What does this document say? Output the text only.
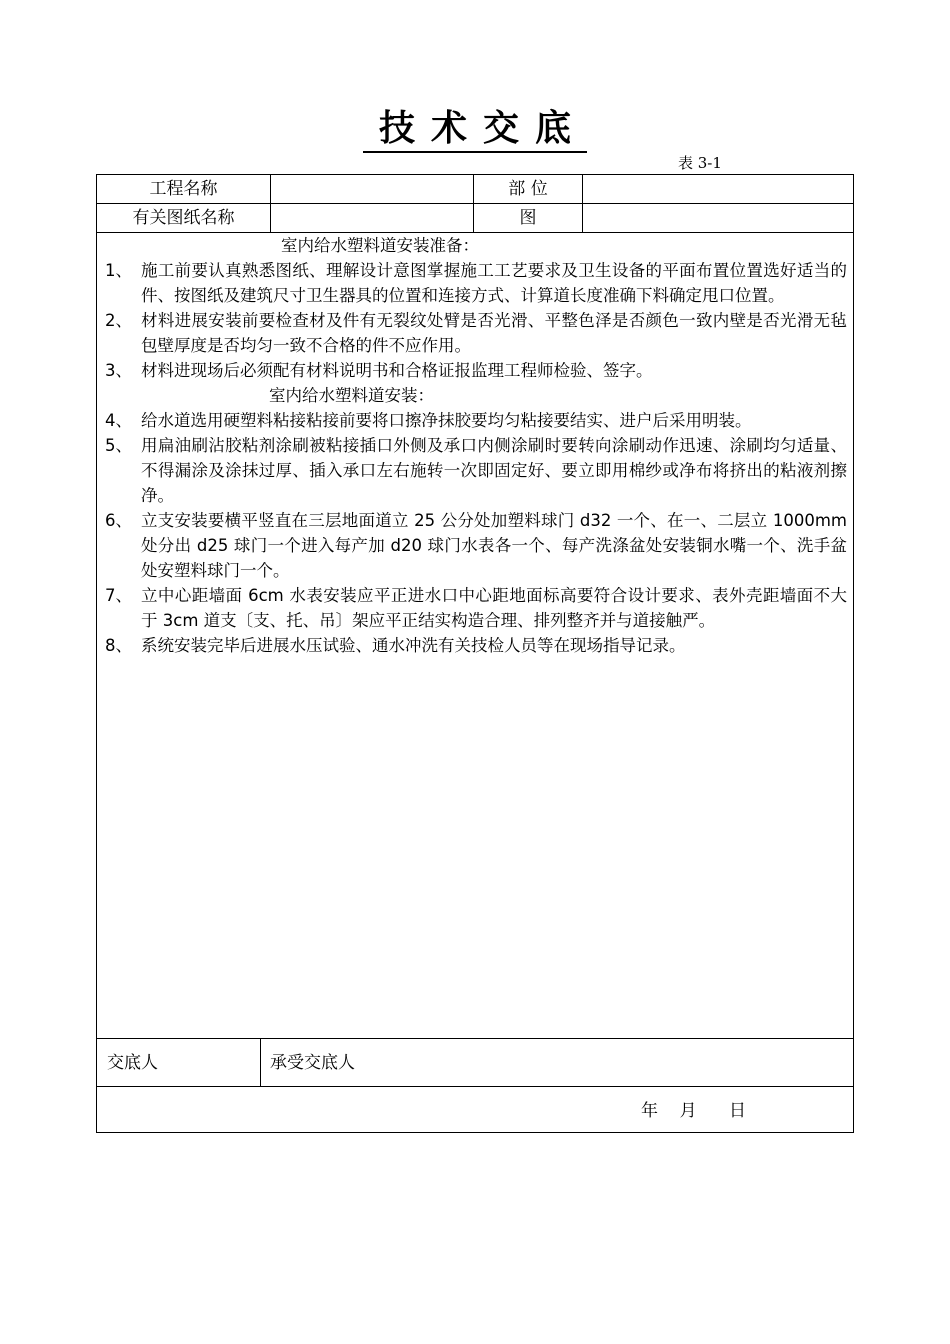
技术交底
表 3-1
工程名称	部 位
有关图纸名称	图
室内给水塑料道安装准备：
1、 施工前要认真熟悉图纸、理解设计意图掌握施工工艺要求及卫生设备的平面布置位置选好适当的件、按图纸及建筑尺寸卫生器具的位置和连接方式、计算道长度准确下料确定甩口位置。
2、 材料进展安装前要检查材及件有无裂纹处臂是否光滑、平整色泽是否颜色一致内壁是否光滑无毡包壁厚度是否均匀一致不合格的件不应作用。
3、 材料进现场后必须配有材料说明书和合格证报监理工程师检验、签字。
室内给水塑料道安装：
4、 给水道选用硬塑料粘接粘接前要将口擦净抹胶要均匀粘接要结实、进户后采用明装。
5、 用扁油刷沾胶粘剂涂刷被粘接插口外侧及承口内侧涂刷时要转向涂刷动作迅速、涂刷均匀适量、不得漏涂及涂抹过厚、插入承口左右施转一次即固定好、要立即用棉纱或净布将挤出的粘液剂擦净。
6、 立支安装要横平竖直在三层地面道立 25 公分处加塑料球门 d32 一个、在一、二层立 1000mm 处分出 d25 球门一个进入每产加 d20 球门水表各一个、每产洗涤盆处安装铜水嘴一个、洗手盆处安塑料球门一个。
7、 立中心距墙面 6cm 水表安装应平正进水口中心距地面标高要符合设计要求、表外壳距墙面不大于 3cm 道支〔支、托、吊〕架应平正结实构造合理、排列整齐并与道接触严。
8、 系统安装完毕后进展水压试验、通水冲洗有关技检人员等在现场指导记录。
交底人	承受交底人
年    月      日
